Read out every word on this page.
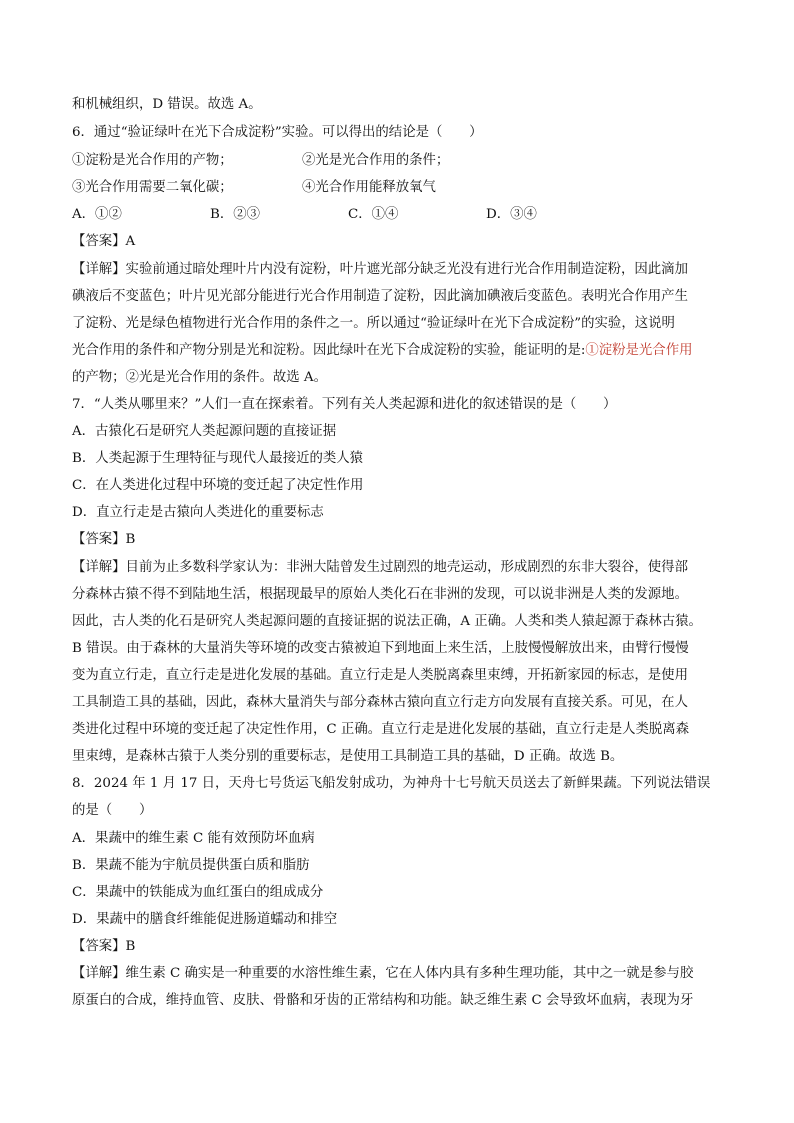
和机械组织，D 错误。故选 A。
6．通过“验证绿叶在光下合成淀粉”实验。可以得出的结论是（　　）
①淀粉是光合作用的产物；	②光是光合作用的条件；
③光合作用需要二氧化碳；	④光合作用能释放氧气
A．①②	B．②③	C．①④	D．③④
【答案】A
【详解】实验前通过暗处理叶片内没有淀粉，叶片遮光部分缺乏光没有进行光合作用制造淀粉，因此滴加
碘液后不变蓝色；叶片见光部分能进行光合作用制造了淀粉，因此滴加碘液后变蓝色。表明光合作用产生
了淀粉、光是绿色植物进行光合作用的条件之一。所以通过“验证绿叶在光下合成淀粉”的实验，这说明
光合作用的条件和产物分别是光和淀粉。因此绿叶在光下合成淀粉的实验，能证明的是:①淀粉是光合作用
的产物；②光是光合作用的条件。故选 A。
7．“人类从哪里来？”人们一直在探索着。下列有关人类起源和进化的叙述错误的是（　　）
A．古猿化石是研究人类起源问题的直接证据
B．人类起源于生理特征与现代人最接近的类人猿
C．在人类进化过程中环境的变迁起了决定性作用
D．直立行走是古猿向人类进化的重要标志
【答案】B
【详解】目前为止多数科学家认为：非洲大陆曾发生过剧烈的地壳运动，形成剧烈的东非大裂谷，使得部
分森林古猿不得不到陆地生活，根据现最早的原始人类化石在非洲的发现，可以说非洲是人类的发源地。
因此，古人类的化石是研究人类起源问题的直接证据的说法正确，A 正确。人类和类人猿起源于森林古猿。
B 错误。由于森林的大量消失等环境的改变古猿被迫下到地面上来生活，上肢慢慢解放出来，由臂行慢慢
变为直立行走，直立行走是进化发展的基础。直立行走是人类脱离森里束缚，开拓新家园的标志，是使用
工具制造工具的基础，因此，森林大量消失与部分森林古猿向直立行走方向发展有直接关系。可见，在人
类进化过程中环境的变迁起了决定性作用，C 正确。直立行走是进化发展的基础，直立行走是人类脱离森
里束缚，是森林古猿于人类分别的重要标志，是使用工具制造工具的基础，D 正确。故选 B。
8．2024 年 1 月 17 日，天舟七号货运飞船发射成功，为神舟十七号航天员送去了新鲜果蔬。下列说法错误
的是（　　）
A．果蔬中的维生素 C 能有效预防坏血病
B．果蔬不能为宇航员提供蛋白质和脂肪
C．果蔬中的铁能成为血红蛋白的组成成分
D．果蔬中的膳食纤维能促进肠道蠕动和排空
【答案】B
【详解】维生素 C 确实是一种重要的水溶性维生素，它在人体内具有多种生理功能，其中之一就是参与胶
原蛋白的合成，维持血管、皮肤、骨骼和牙齿的正常结构和功能。缺乏维生素 C 会导致坏血病，表现为牙
